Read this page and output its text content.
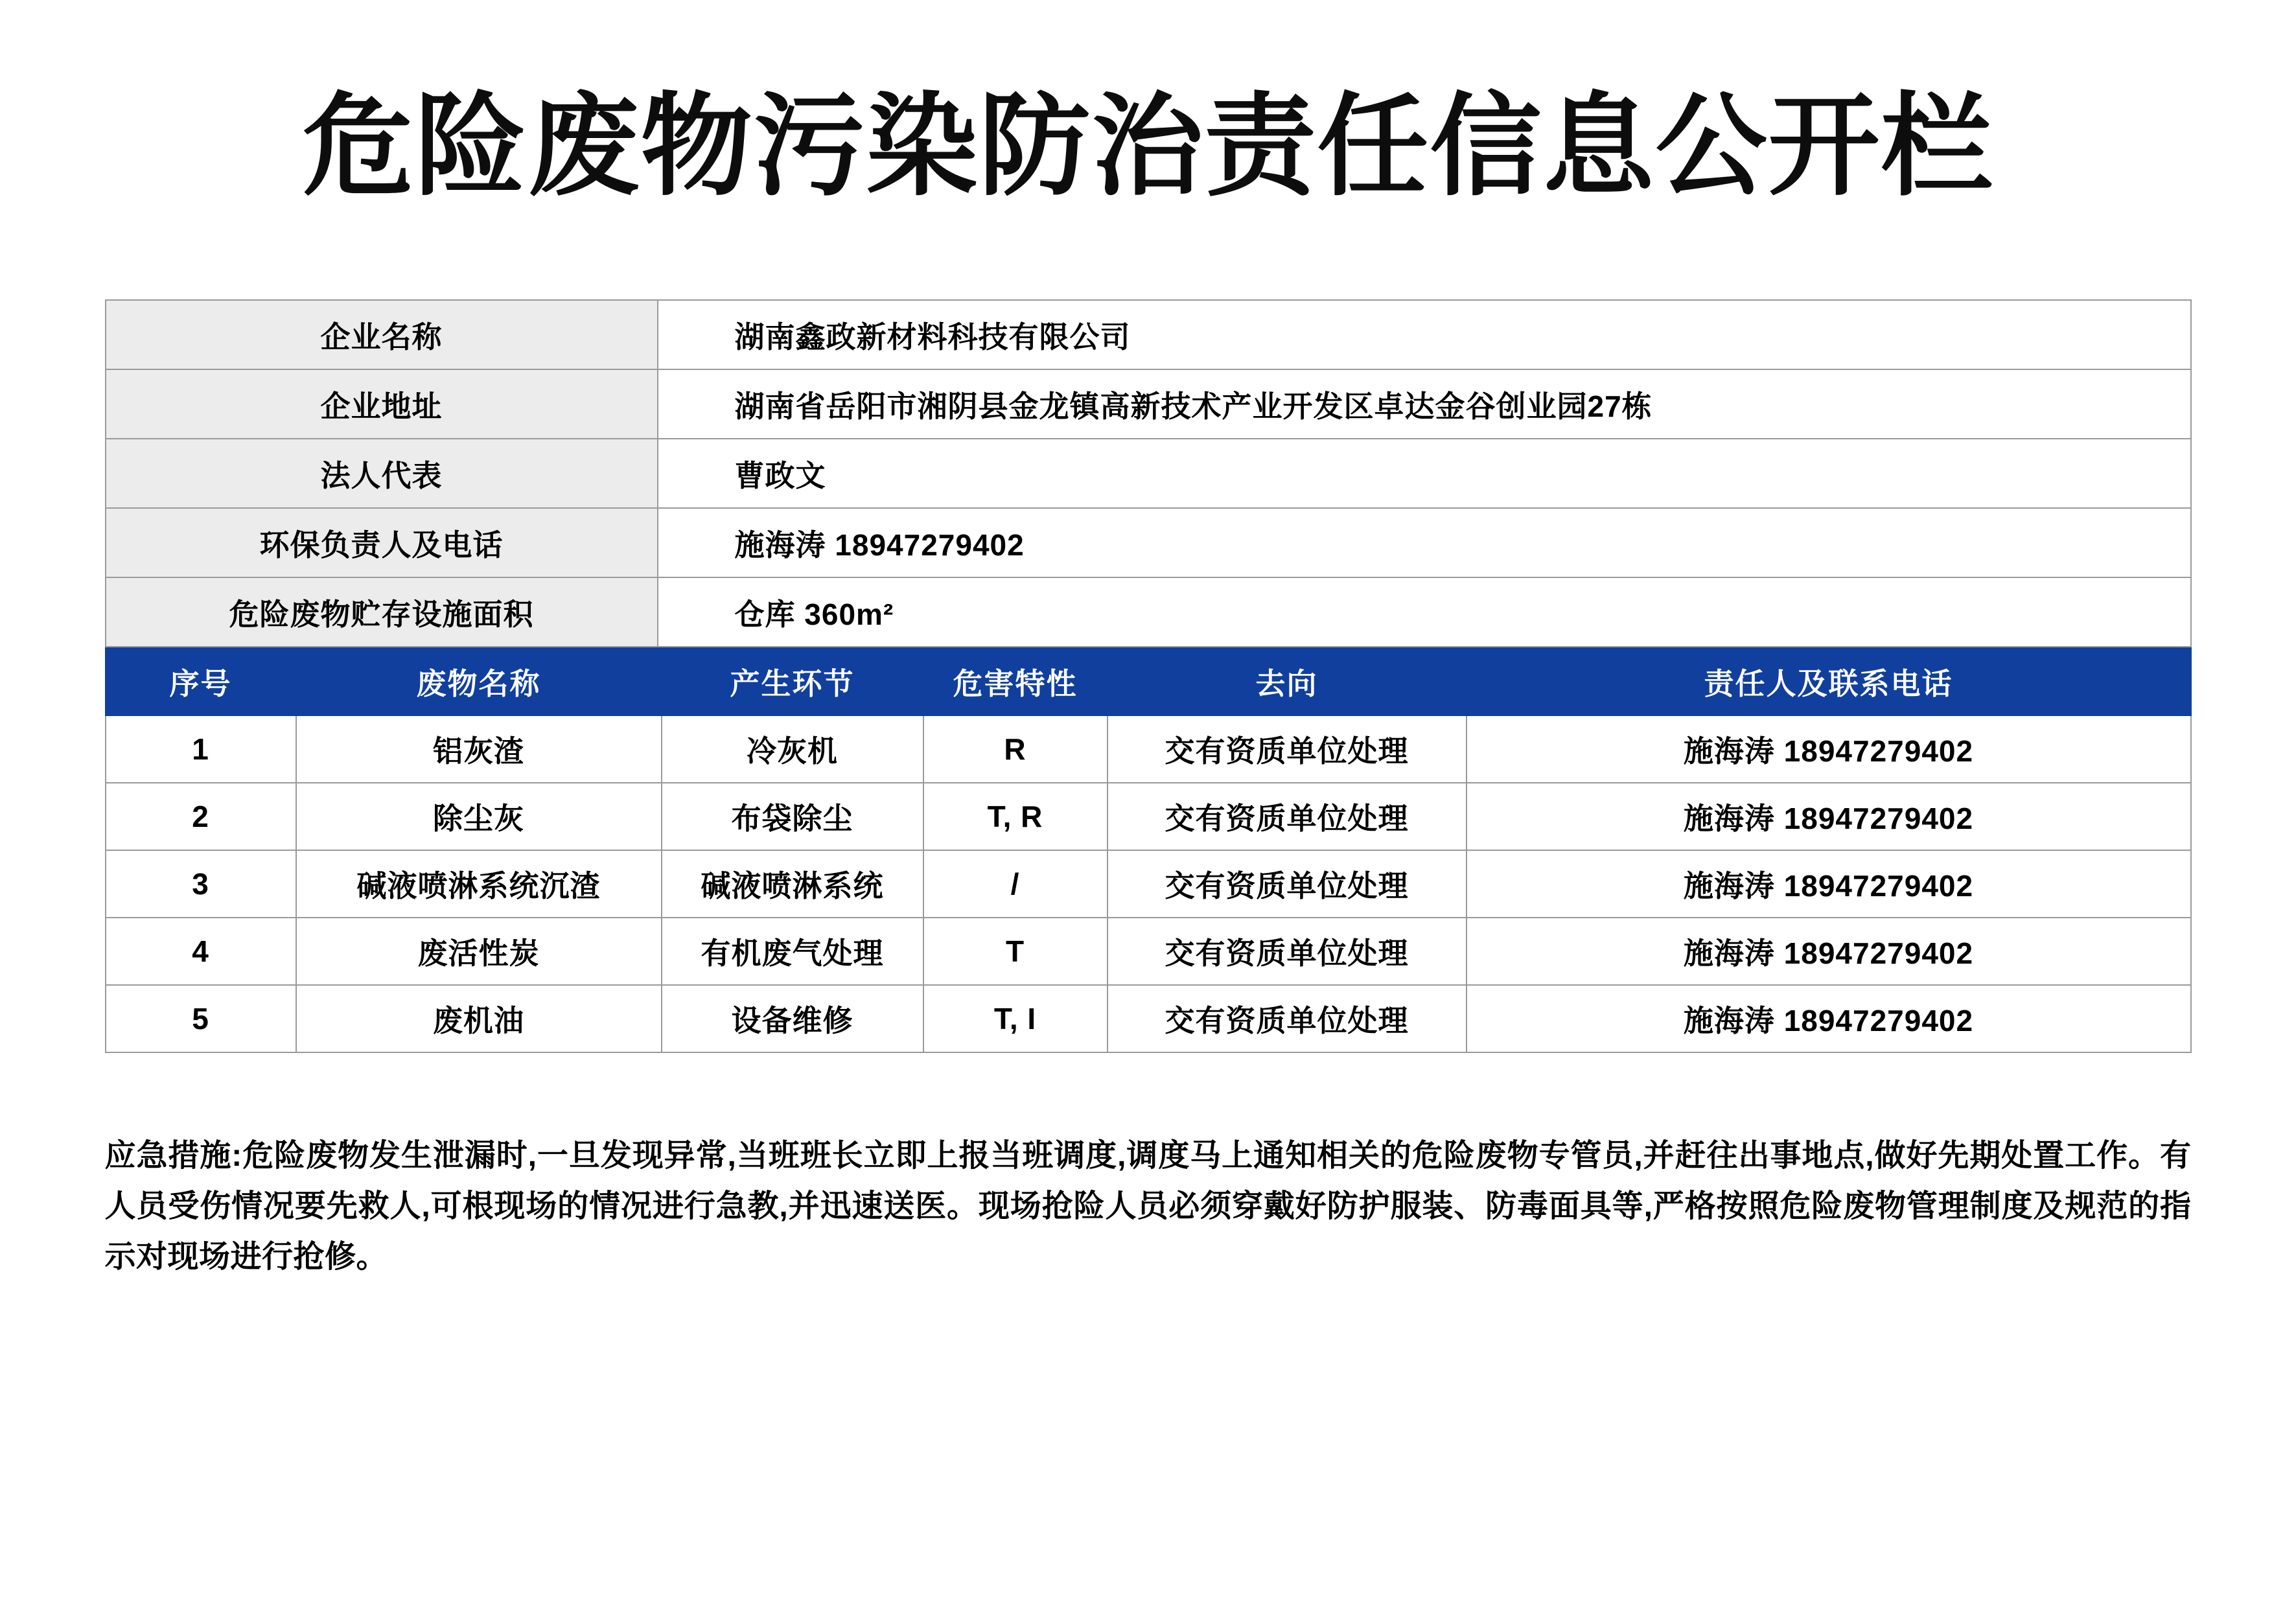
危险废物污染防治责任信息公开栏
企业名称	湖南鑫政新材料科技有限公司
企业地址	湖南省岳阳市湘阴县金龙镇高新技术产业开发区卓达金谷创业园27栋
法人代表	曹政文
环保负责人及电话	施海涛 18947279402
危险废物贮存设施面积	仓库 360m²
序号	废物名称	产生环节	危害特性	去向	责任人及联系电话
1	铝灰渣	冷灰机	R	交有资质单位处理	施海涛 18947279402
2	除尘灰	布袋除尘	T, R	交有资质单位处理	施海涛 18947279402
3	碱液喷淋系统沉渣	碱液喷淋系统	/	交有资质单位处理	施海涛 18947279402
4	废活性炭	有机废气处理	T	交有资质单位处理	施海涛 18947279402
5	废机油	设备维修	T, I	交有资质单位处理	施海涛 18947279402
应急措施:危险废物发生泄漏时,一旦发现异常,当班班长立即上报当班调度,调度马上通知相关的危险废物专管员,并赶往出事地点,做好先期处置工作。有人员受伤情况要先救人,可根现场的情况进行急教,并迅速送医。现场抢险人员必须穿戴好防护服装、防毒面具等,严格按照危险废物管理制度及规范的指示对现场进行抢修。
